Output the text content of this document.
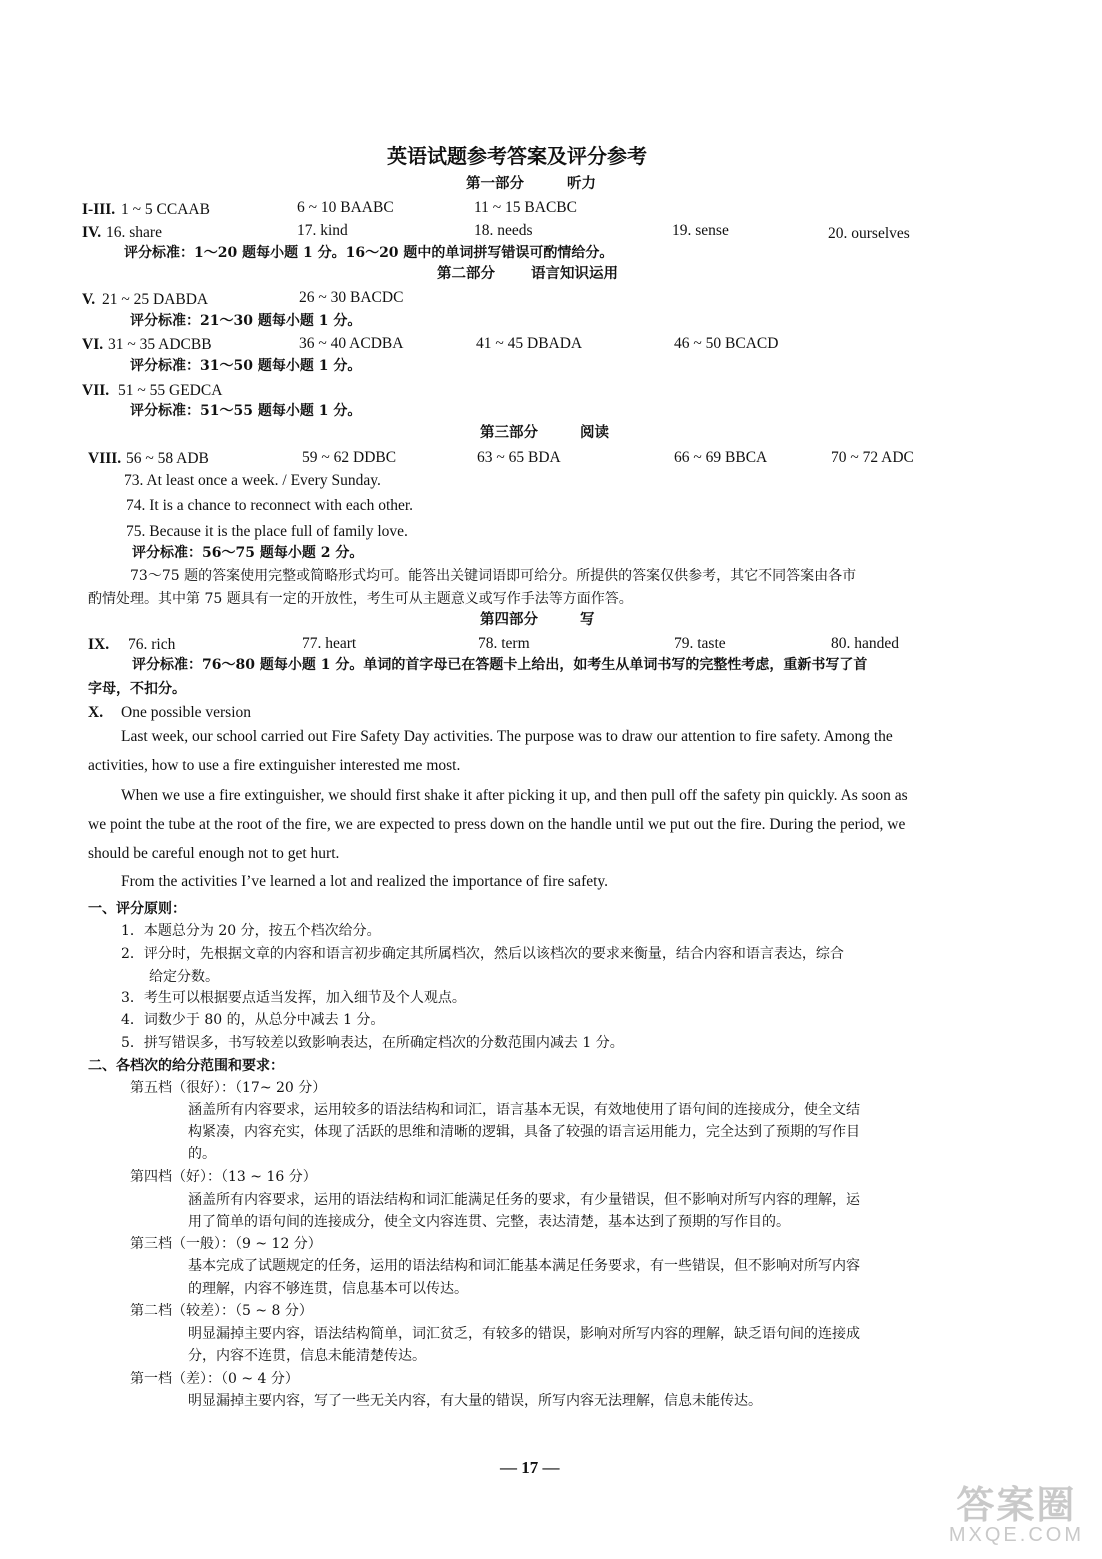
英语试题参考答案及评分参考
第一部分	听力
I-III. 1 ~ 5 CCAAB	6 ~ 10 BAABC	11 ~ 15 BACBC
IV. 16. share	17. kind	18. needs	19. sense	20. ourselves
评分标准：1～20 题每小题 1 分。16～20 题中的单词拼写错误可酌情给分。
第二部分 语言知识运用
V. 21 ~ 25 DABDA	26 ~ 30 BACDC
评分标准：21～30 题每小题 1 分。
VI. 31 ~ 35 ADCBB	36 ~ 40 ACDBA	41 ~ 45 DBADA	46 ~ 50 BCACD
评分标准：31～50 题每小题 1 分。
VII. 51 ~ 55 GEDCA
评分标准：51～55 题每小题 1 分。
第三部分	阅读
VIII. 56 ~ 58 ADB	59 ~ 62 DDBC	63 ~ 65 BDA	66 ~ 69 BBCA	70 ~ 72 ADC
73. At least once a week. / Every Sunday.
74. It is a chance to reconnect with each other.
75. Because it is the place full of family love.
评分标准：56～75 题每小题 2 分。
73～75 题的答案使用完整或简略形式均可。能答出关键词语即可给分。所提供的答案仅供参考，其它不同答案由各市
酌情处理。其中第 75 题具有一定的开放性，考生可从主题意义或写作手法等方面作答。
第四部分	写
IX. 76. rich	77. heart	78. term	79. taste	80. handed
评分标准：76～80 题每小题 1 分。单词的首字母已在答题卡上给出，如考生从单词书写的完整性考虑，重新书写了首
字母，不扣分。
X. One possible version
Last week, our school carried out Fire Safety Day activities. The purpose was to draw our attention to fire safety. Among the
activities, how to use a fire extinguisher interested me most.
When we use a fire extinguisher, we should first shake it after picking it up, and then pull off the safety pin quickly. As soon as
we point the tube at the root of the fire, we are expected to press down on the handle until we put out the fire. During the period, we
should be careful enough not to get hurt.
From the activities I’ve learned a lot and realized the importance of fire safety.
一、评分原则：
1．本题总分为 20 分，按五个档次给分。
2．评分时，先根据文章的内容和语言初步确定其所属档次，然后以该档次的要求来衡量，结合内容和语言表达，综合
给定分数。
3．考生可以根据要点适当发挥，加入细节及个人观点。
4．词数少于 80 的，从总分中减去 1 分。
5．拼写错误多，书写较差以致影响表达，在所确定档次的分数范围内减去 1 分。
二、各档次的给分范围和要求：
第五档（很好）：（17~ 20 分）
涵盖所有内容要求，运用较多的语法结构和词汇，语言基本无误，有效地使用了语句间的连接成分，使全文结
构紧凑，内容充实，体现了活跃的思维和清晰的逻辑，具备了较强的语言运用能力，完全达到了预期的写作目
的。
第四档（好）：（13 ~ 16 分）
涵盖所有内容要求，运用的语法结构和词汇能满足任务的要求，有少量错误，但不影响对所写内容的理解，运
用了简单的语句间的连接成分，使全文内容连贯、完整，表达清楚，基本达到了预期的写作目的。
第三档（一般）：（9 ~ 12 分）
基本完成了试题规定的任务，运用的语法结构和词汇能基本满足任务要求，有一些错误，但不影响对所写内容
的理解，内容不够连贯，信息基本可以传达。
第二档（较差）：（5 ~ 8 分）
明显漏掉主要内容，语法结构简单，词汇贫乏，有较多的错误，影响对所写内容的理解，缺乏语句间的连接成
分，内容不连贯，信息未能清楚传达。
第一档（差）：（0 ~ 4 分）
明显漏掉主要内容，写了一些无关内容，有大量的错误，所写内容无法理解，信息未能传达。
— 17 —
答案圈
MXQE.COM
